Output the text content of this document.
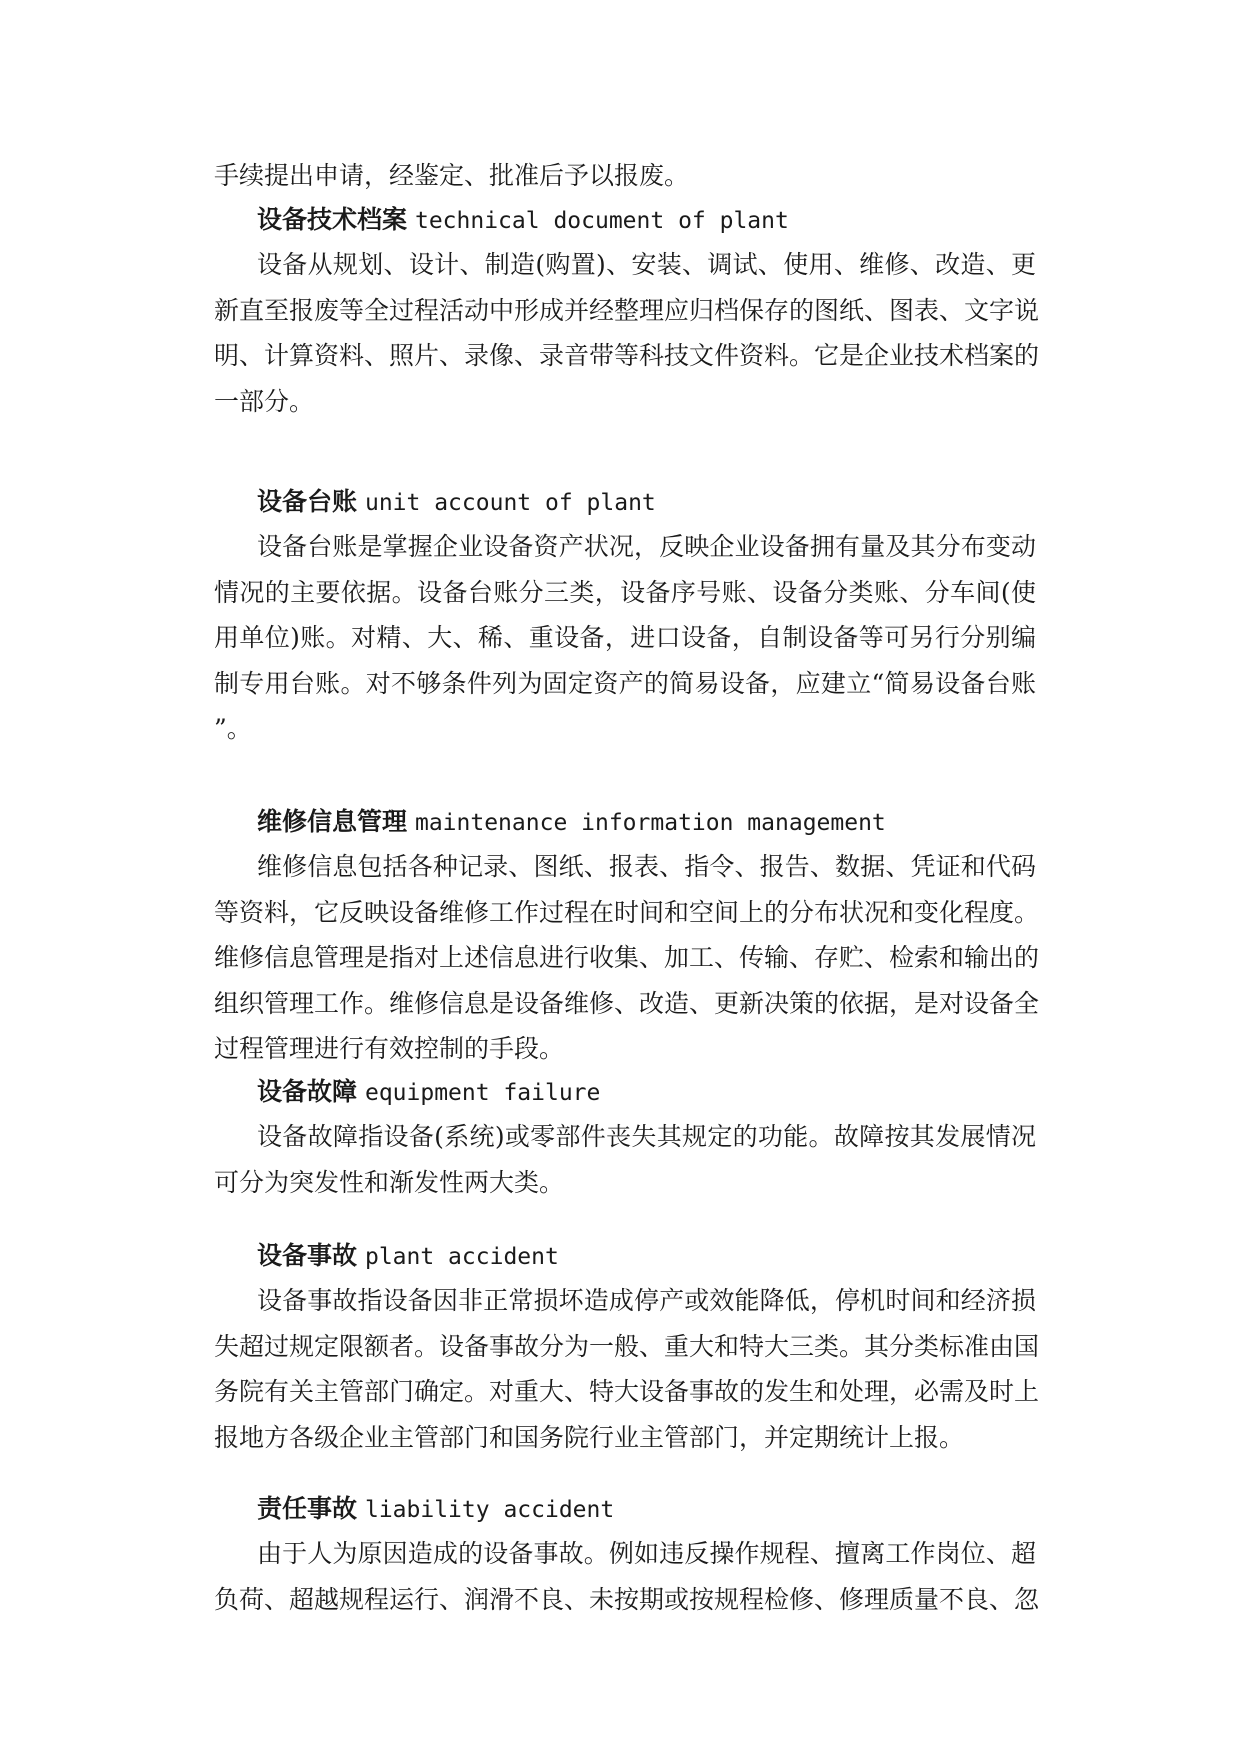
手续提出申请，经鉴定、批准后予以报废。
设备技术档案 technical document of plant
设备从规划、设计、制造(购置)、安装、调试、使用、维修、改造、更
新直至报废等全过程活动中形成并经整理应归档保存的图纸、图表、文字说
明、计算资料、照片、录像、录音带等科技文件资料。它是企业技术档案的
一部分。
设备台账 unit account of plant
设备台账是掌握企业设备资产状况，反映企业设备拥有量及其分布变动
情况的主要依据。设备台账分三类，设备序号账、设备分类账、分车间(使
用单位)账。对精、大、稀、重设备，进口设备，自制设备等可另行分别编
制专用台账。对不够条件列为固定资产的简易设备，应建立“简易设备台账
”。
维修信息管理 maintenance information management
维修信息包括各种记录、图纸、报表、指令、报告、数据、凭证和代码
等资料，它反映设备维修工作过程在时间和空间上的分布状况和变化程度。
维修信息管理是指对上述信息进行收集、加工、传输、存贮、检索和输出的
组织管理工作。维修信息是设备维修、改造、更新决策的依据，是对设备全
过程管理进行有效控制的手段。
设备故障 equipment failure
设备故障指设备(系统)或零部件丧失其规定的功能。故障按其发展情况
可分为突发性和渐发性两大类。
设备事故 plant accident
设备事故指设备因非正常损坏造成停产或效能降低，停机时间和经济损
失超过规定限额者。设备事故分为一般、重大和特大三类。其分类标准由国
务院有关主管部门确定。对重大、特大设备事故的发生和处理，必需及时上
报地方各级企业主管部门和国务院行业主管部门，并定期统计上报。
责任事故 liability accident
由于人为原因造成的设备事故。例如违反操作规程、擅离工作岗位、超
负荷、超越规程运行、润滑不良、未按期或按规程检修、修理质量不良、忽
